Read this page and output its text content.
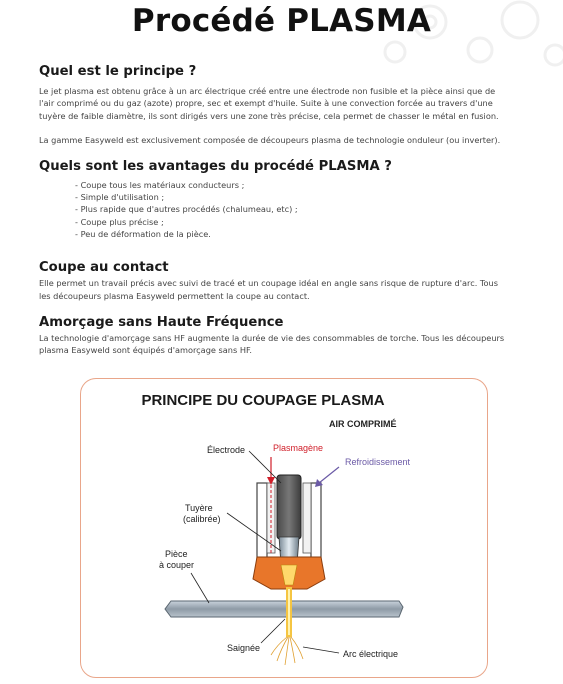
Procédé PLASMA
Quel est le principe ?

Le jet plasma est obtenu grâce à un arc électrique créé entre une électrode non fusible et la pièce ainsi que de
l'air comprimé ou du gaz (azote) propre, sec et exempt d'huile. Suite à une convection forcée au travers d'une
tuyère de faible diamètre, ils sont dirigés vers une zone très précise, cela permet de chasser le métal en fusion.

La gamme Easyweld est exclusivement composée de découpeurs plasma de technologie onduleur (ou inverter).

Quels sont les avantages du procédé PLASMA ?
- Coupe tous les matériaux conducteurs ;
- Simple d'utilisation ;
- Plus rapide que d'autres procédés (chalumeau, etc) ;
- Coupe plus précise ;
- Peu de déformation de la pièce.
Coupe au contact

Elle permet un travail précis avec suivi de tracé et un coupage idéal en angle sans risque de rupture d'arc. Tous
les découpeurs plasma Easyweld permettent la coupe au contact.

Amorçage sans Haute Fréquence

La technologie d'amorçage sans HF augmente la durée de vie des consommables de torche. Tous les découpeurs
plasma Easyweld sont équipés d'amorçage sans HF.

PRINCIPE DU COUPAGE PLASMA
AIR COMPRIMÉ
Plasmagène
Refroidissement
Électrode
Tuyère (calibrée)
Pièce à couper
Saignée
Arc électrique
